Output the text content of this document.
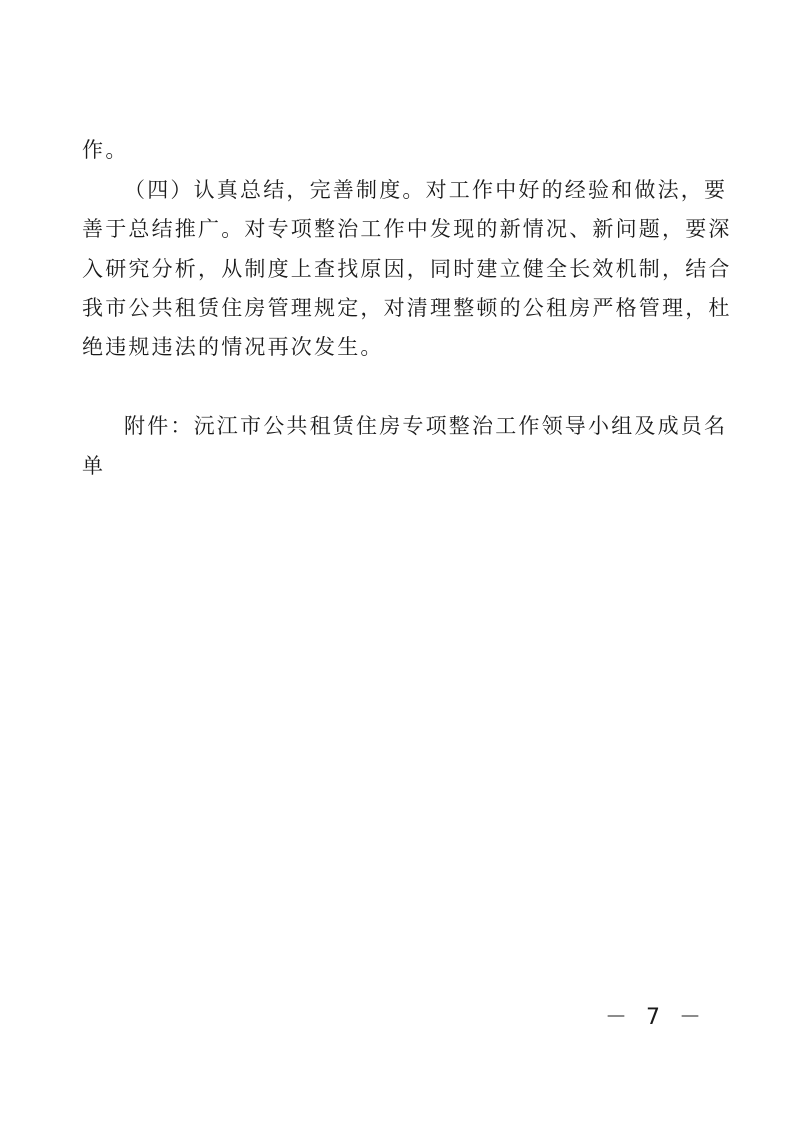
作。
（四）认真总结，完善制度。对工作中好的经验和做法，要
善于总结推广。对专项整治工作中发现的新情况、新问题，要深
入研究分析，从制度上查找原因，同时建立健全长效机制，结合
我市公共租赁住房管理规定，对清理整顿的公租房严格管理，杜
绝违规违法的情况再次发生。
附件：沅江市公共租赁住房专项整治工作领导小组及成员名
单
－ 7 －
